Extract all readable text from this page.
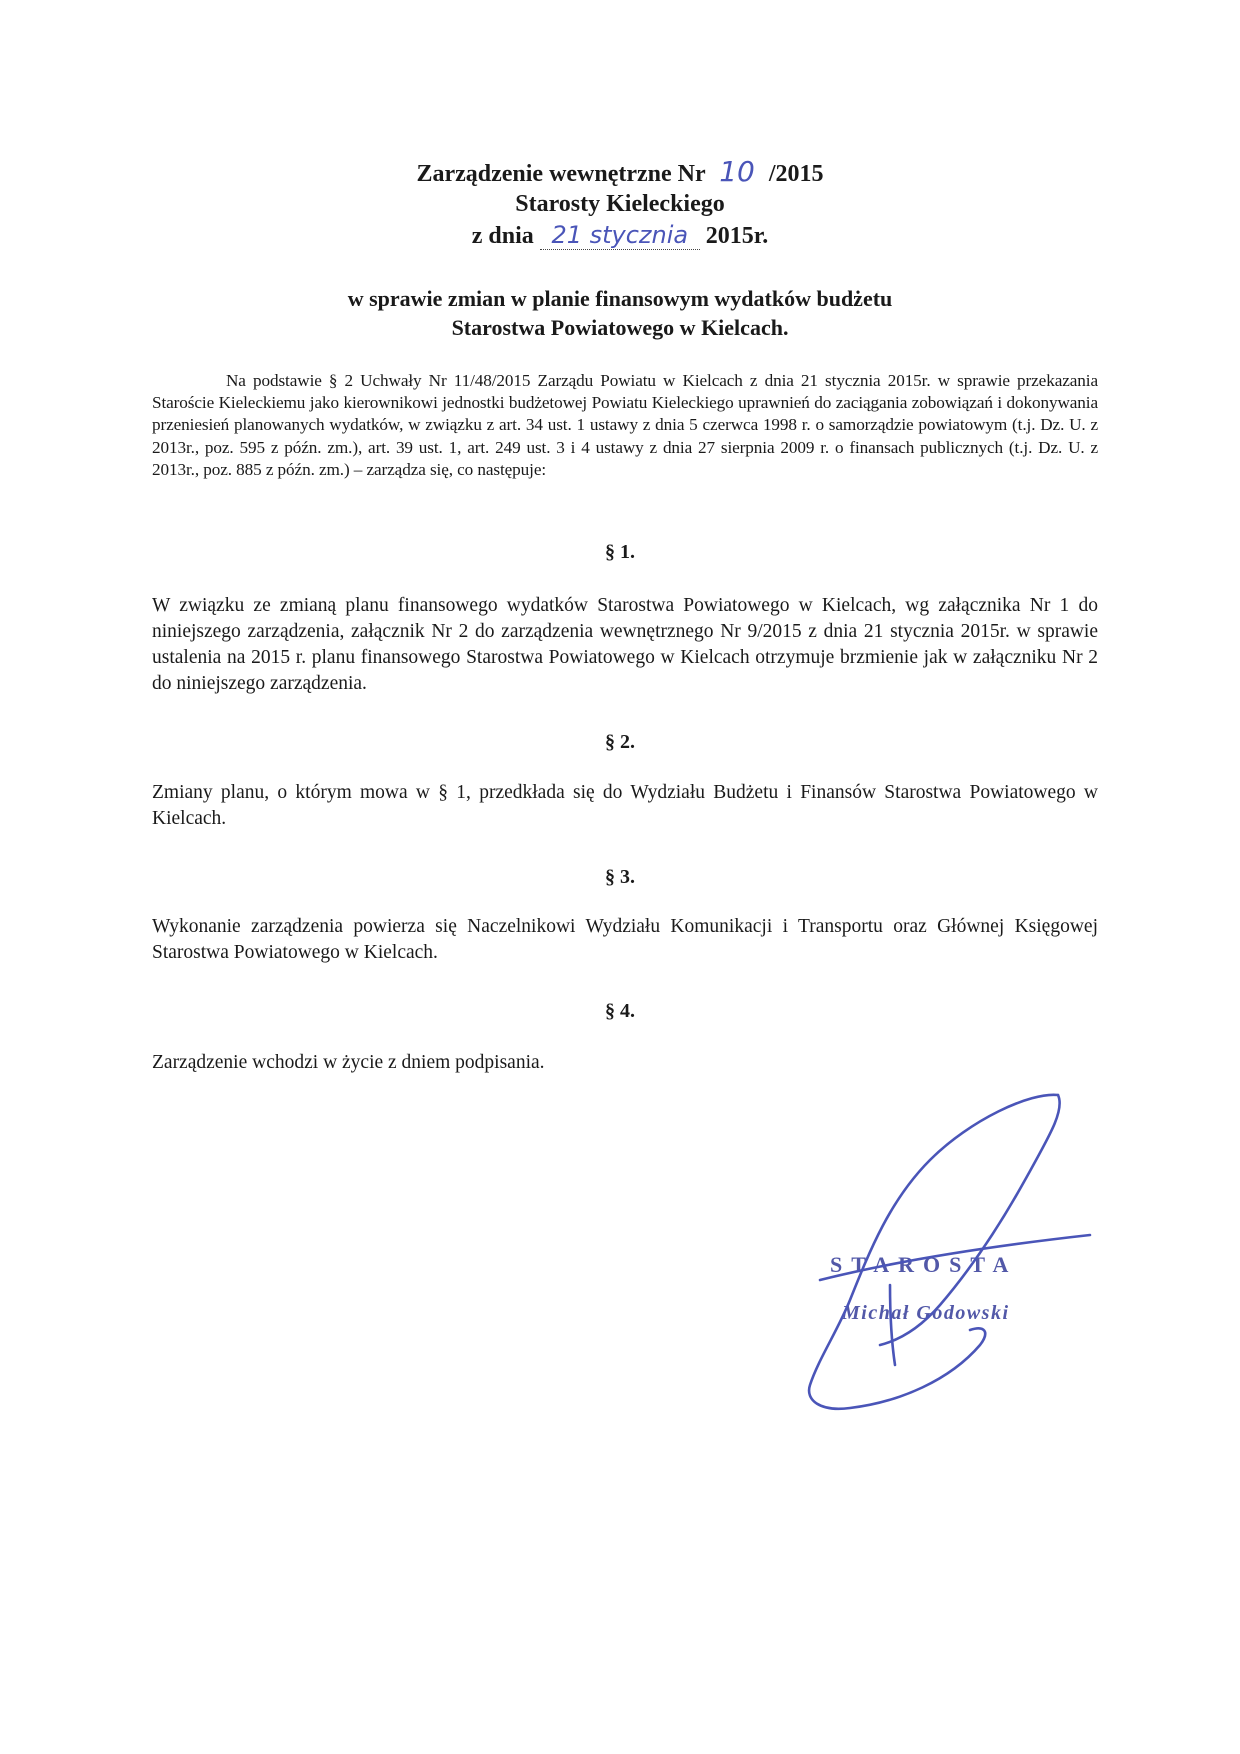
Zarządzenie wewnętrzne Nr 10 /2015
Starosty Kieleckiego
z dnia 21 stycznia 2015r.
w sprawie zmian w planie finansowym wydatków budżetu
Starostwa Powiatowego w Kielcach.
Na podstawie § 2 Uchwały Nr 11/48/2015 Zarządu Powiatu w Kielcach z dnia 21 stycznia 2015r. w sprawie przekazania Staroście Kieleckiemu jako kierownikowi jednostki budżetowej Powiatu Kieleckiego uprawnień do zaciągania zobowiązań i dokonywania przeniesień planowanych wydatków, w związku z art. 34 ust. 1 ustawy z dnia 5 czerwca 1998 r. o samorządzie powiatowym (t.j. Dz. U. z 2013r., poz. 595 z późn. zm.), art. 39 ust. 1, art. 249 ust. 3 i 4 ustawy z dnia 27 sierpnia 2009 r. o finansach publicznych (t.j. Dz. U. z 2013r., poz. 885 z późn. zm.) – zarządza się, co następuje:
§ 1.
W związku ze zmianą planu finansowego wydatków Starostwa Powiatowego w Kielcach, wg załącznika Nr 1 do niniejszego zarządzenia, załącznik Nr 2 do zarządzenia wewnętrznego Nr 9/2015 z dnia 21 stycznia 2015r. w sprawie ustalenia na 2015 r. planu finansowego Starostwa Powiatowego w Kielcach otrzymuje brzmienie jak w załączniku Nr 2 do niniejszego zarządzenia.
§ 2.
Zmiany planu, o którym mowa w § 1, przedkłada się do Wydziału Budżetu i Finansów Starostwa Powiatowego w Kielcach.
§ 3.
Wykonanie zarządzenia powierza się Naczelnikowi Wydziału Komunikacji i Transportu oraz Głównej Księgowej Starostwa Powiatowego w Kielcach.
§ 4.
Zarządzenie wchodzi w życie z dniem podpisania.
STAROSTA
Michał Godowski
